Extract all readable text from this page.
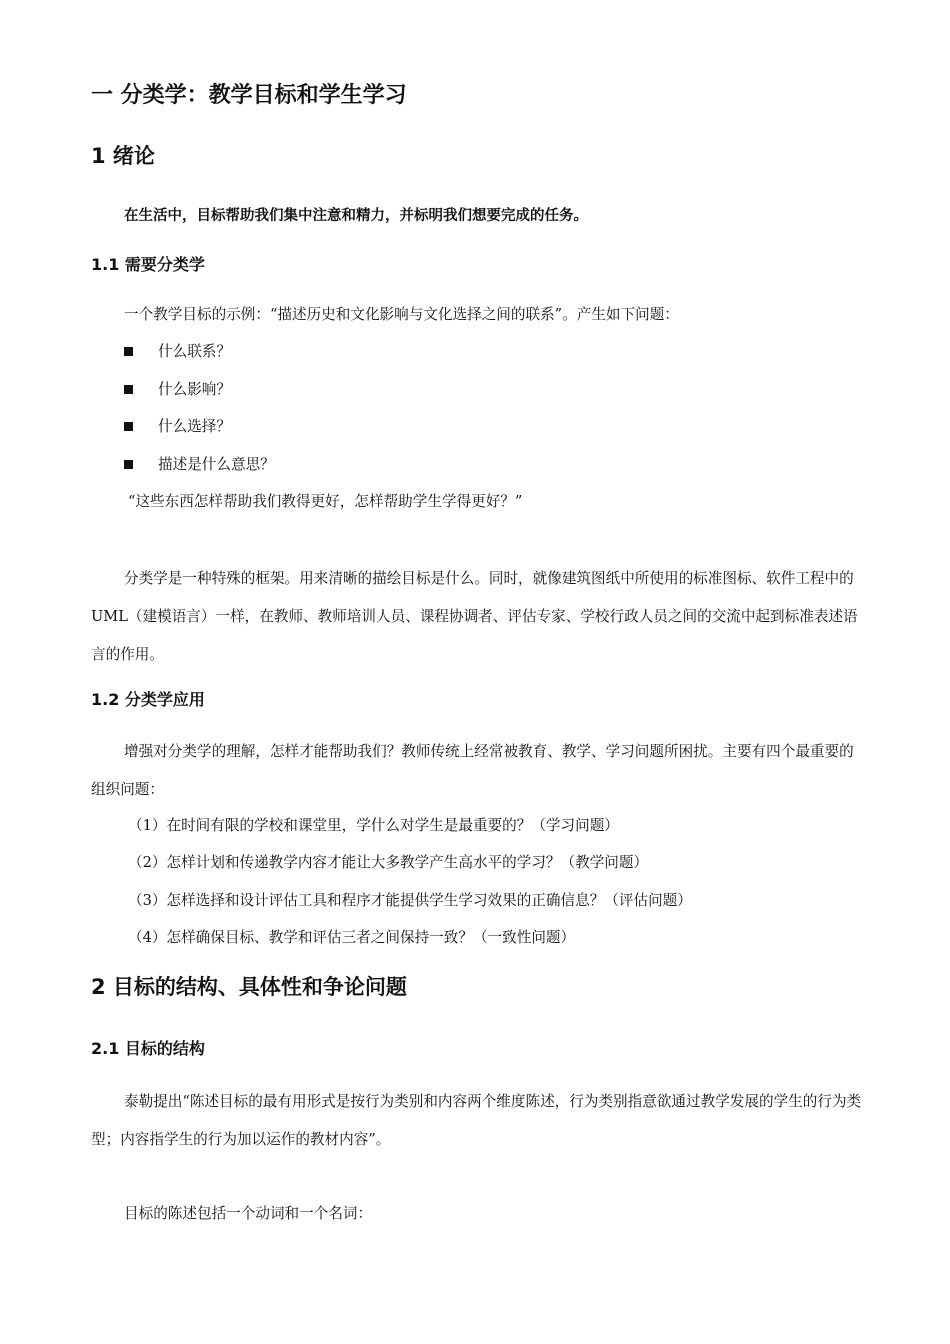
一 分类学：教学目标和学生学习
1 绪论
在生活中，目标帮助我们集中注意和精力，并标明我们想要完成的任务。
1.1 需要分类学
一个教学目标的示例：“描述历史和文化影响与文化选择之间的联系”。产生如下问题：
什么联系？
什么影响？
什么选择？
描述是什么意思？
“这些东西怎样帮助我们教得更好，怎样帮助学生学得更好？”
分类学是一种特殊的框架。用来清晰的描绘目标是什么。同时，就像建筑图纸中所使用的标准图标、软件工程中的 UML（建模语言）一样，在教师、教师培训人员、课程协调者、评估专家、学校行政人员之间的交流中起到标准表述语言的作用。
1.2 分类学应用
增强对分类学的理解，怎样才能帮助我们？教师传统上经常被教育、教学、学习问题所困扰。主要有四个最重要的组织问题：
（1）在时间有限的学校和课堂里，学什么对学生是最重要的？（学习问题）
（2）怎样计划和传递教学内容才能让大多教学产生高水平的学习？（教学问题）
（3）怎样选择和设计评估工具和程序才能提供学生学习效果的正确信息？（评估问题）
（4）怎样确保目标、教学和评估三者之间保持一致？（一致性问题）
2 目标的结构、具体性和争论问题
2.1 目标的结构
泰勒提出“陈述目标的最有用形式是按行为类别和内容两个维度陈述，行为类别指意欲通过教学发展的学生的行为类型；内容指学生的行为加以运作的教材内容”。
目标的陈述包括一个动词和一个名词：
